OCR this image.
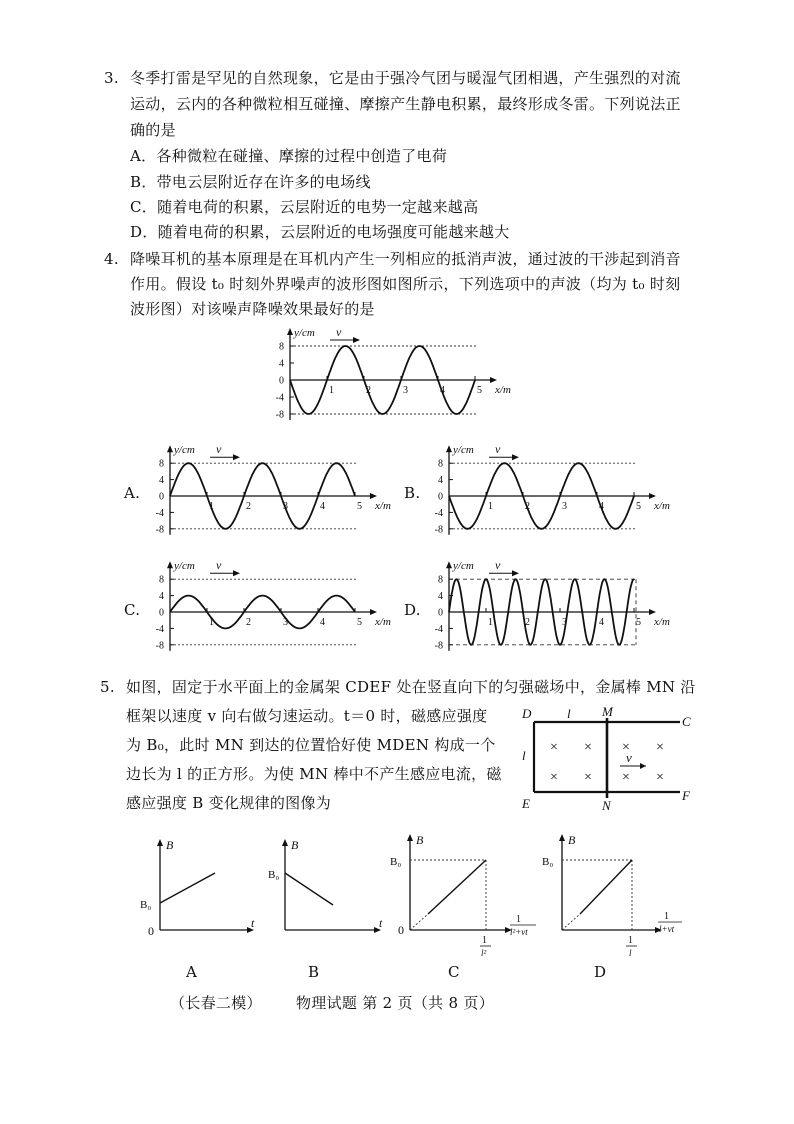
3. 冬季打雷是罕见的自然现象，它是由于强冷气团与暖湿气团相遇，产生强烈的对流
运动，云内的各种微粒相互碰撞、摩擦产生静电积累，最终形成冬雷。下列说法正
确的是
A．各种微粒在碰撞、摩擦的过程中创造了电荷
B．带电云层附近存在许多的电场线
C．随着电荷的积累，云层附近的电势一定越来越高
D．随着电荷的积累，云层附近的电场强度可能越来越大
4. 降噪耳机的基本原理是在耳机内产生一列相应的抵消声波，通过波的干涉起到消音
作用。假设 t₀ 时刻外界噪声的波形图如图所示，下列选项中的声波（均为 t₀ 时刻
波形图）对该噪声降噪效果最好的是
8
4
0
-4
-8
1	2	3	4	5
y/cm
x/m
v
8
4
0
-4
-8
1	2	3	4	5
y/cm
x/m
v
8
4
0
-4
-8
1	2	3	4	5
y/cm
x/m
v
8
4
0
-4
-8
1	2	3	4	5
y/cm
x/m
v
8
4
0
-4
-8
1	2	3	4	5
y/cm
x/m
v
A.	B.
C.	D.
5. 如图，固定于水平面上的金属架 CDEF 处在竖直向下的匀强磁场中，金属棒 MN 沿
框架以速度 v 向右做匀速运动。t＝0 时，磁感应强度
为 B₀，此时 MN 到达的位置恰好使 MDEN 构成一个
边长为 l 的正方形。为使 MN 棒中不产生感应电流，磁
感应强度 B 变化规律的图像为
D	l M
C
l
E	N
F
× × × ×
× × × ×
v
B
B₀
0
t
B
B₀
t
B
B₀
0
1
l²
1
l²+vt
B
B₀
1
l
1
l+vt
A	B	C	D
（长春二模） 物理试题 第 2 页（共 8 页）
